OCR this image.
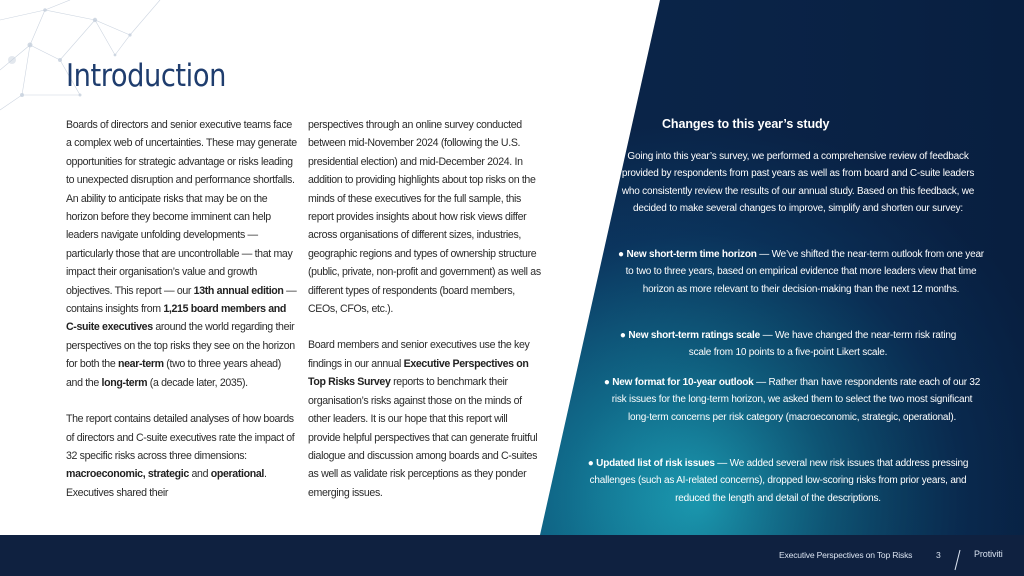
Introduction

Boards of directors and senior executive teams face a complex web of uncertainties. These may generate opportunities for strategic advantage or risks leading to unexpected disruption and performance shortfalls. An ability to anticipate risks that may be on the horizon before they become imminent can help leaders navigate unfolding developments — particularly those that are uncontrollable — that may impact their organisation’s value and growth objectives. This report — our 13th annual edition — contains insights from 1,215 board members and C-suite executives around the world regarding their perspectives on the top risks they see on the horizon for both the near-term (two to three years ahead) and the long-term (a decade later, 2035).

The report contains detailed analyses of how boards of directors and C-suite executives rate the impact of 32 specific risks across three dimensions: macroeconomic, strategic and operational. Executives shared their

perspectives through an online survey conducted between mid-November 2024 (following the U.S. presidential election) and mid-December 2024. In addition to providing highlights about top risks on the minds of these executives for the full sample, this report provides insights about how risk views differ across organisations of different sizes, industries, geographic regions and types of ownership structure (public, private, non-profit and government) as well as different types of respondents (board members, CEOs, CFOs, etc.).

Board members and senior executives use the key findings in our annual Executive Perspectives on Top Risks Survey reports to benchmark their organisation’s risks against those on the minds of other leaders. It is our hope that this report will provide helpful perspectives that can generate fruitful dialogue and discussion among boards and C-suites as well as validate risk perceptions as they ponder emerging issues.

Changes to this year’s study

Going into this year’s survey, we performed a comprehensive review of feedback provided by respondents from past years as well as from board and C-suite leaders who consistently review the results of our annual study. Based on this feedback, we decided to make several changes to improve, simplify and shorten our survey:

● New short-term time horizon — We’ve shifted the near-term outlook from one year to two to three years, based on empirical evidence that more leaders view that time horizon as more relevant to their decision-making than the next 12 months.

● New short-term ratings scale — We have changed the near-term risk rating scale from 10 points to a five-point Likert scale.

● New format for 10-year outlook — Rather than have respondents rate each of our 32 risk issues for the long-term horizon, we asked them to select the two most significant long-term concerns per risk category (macroeconomic, strategic, operational).

● Updated list of risk issues — We added several new risk issues that address pressing challenges (such as AI-related concerns), dropped low-scoring risks from prior years, and reduced the length and detail of the descriptions.

Executive Perspectives on Top Risks	3	Protiviti
